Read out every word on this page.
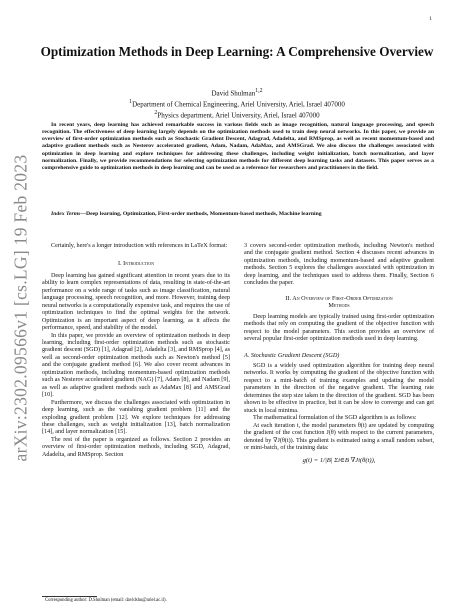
1
arXiv:2302.09566v1 [cs.LG] 19 Feb 2023
Optimization Methods in Deep Learning: A Comprehensive Overview
David Shulman$^{1,2}$
$^1$Department of Chemical Engineering, Ariel University, Ariel, Israel 407000
$^2$Physics department, Ariel University, Ariel, Israel 407000

In recent years, deep learning has achieved remarkable success in various fields such as image recognition, natural language processing, and speech recognition. The effectiveness of deep learning largely depends on the optimization methods used to train deep neural networks. In this paper, we provide an overview of first-order optimization methods such as Stochastic Gradient Descent, Adagrad, Adadelta, and RMSprop, as well as recent momentum-based and adaptive gradient methods such as Nesterov accelerated gradient, Adam, Nadam, AdaMax, and AMSGrad. We also discuss the challenges associated with optimization in deep learning and explore techniques for addressing these challenges, including weight initialization, batch normalization, and layer normalization. Finally, we provide recommendations for selecting optimization methods for different deep learning tasks and datasets. This paper serves as a comprehensive guide to optimization methods in deep learning and can be used as a reference for researchers and practitioners in the field.

Index Terms—Deep learning, Optimization, First-order methods, Momentum-based methods, Machine learning

Certainly, here's a longer introduction with references in LaTeX format:

I. Introduction

Deep learning has gained significant attention in recent years due to its ability to learn complex representations of data, resulting in state-of-the-art performance on a wide range of tasks such as image classification, natural language processing, speech recognition, and more. However, training deep neural networks is a computationally expensive task, and requires the use of optimization techniques to find the optimal weights for the network. Optimization is an important aspect of deep learning, as it affects the performance, speed, and stability of the model.

In this paper, we provide an overview of optimization methods in deep learning, including first-order optimization methods such as stochastic gradient descent (SGD) [1], Adagrad [2], Adadelta [3], and RMSprop [4], as well as second-order optimization methods such as Newton's method [5] and the conjugate gradient method [6]. We also cover recent advances in optimization methods, including momentum-based optimization methods such as Nesterov accelerated gradient (NAG) [7], Adam [8], and Nadam [9], as well as adaptive gradient methods such as AdaMax [8] and AMSGrad [10].

Furthermore, we discuss the challenges associated with optimization in deep learning, such as the vanishing gradient problem [11] and the exploding gradient problem [12]. We explore techniques for addressing these challenges, such as weight initialization [13], batch normalization [14], and layer normalization [15].

The rest of the paper is organized as follows. Section 2 provides an overview of first-order optimization methods, including SGD, Adagrad, Adadelta, and RMSprop. Section

3 covers second-order optimization methods, including Newton's method and the conjugate gradient method. Section 4 discusses recent advances in optimization methods, including momentum-based and adaptive gradient methods. Section 5 explores the challenges associated with optimization in deep learning, and the techniques used to address them. Finally, Section 6 concludes the paper.

II. An Overview of First-Order Optimization

Methods

Deep learning models are typically trained using first-order optimization methods that rely on computing the gradient of the objective function with respect to the model parameters. This section provides an overview of several popular first-order optimization methods used in deep learning.

A. Stochastic Gradient Descent (SGD)

SGD is a widely used optimization algorithm for training deep neural networks. It works by computing the gradient of the objective function with respect to a mini-batch of training examples and updating the model parameters in the direction of the negative gradient. The learning rate determines the step size taken in the direction of the gradient. SGD has been shown to be effective in practice, but it can be slow to converge and can get stuck in local minima.

The mathematical formulation of the SGD algorithm is as follows:

At each iteration t, the model parameters θ(t) are updated by computing the gradient of the cost function J(θ) with respect to the current parameters, denoted by ∇J(θ(t)). This gradient is estimated using a small random subset, or mini-batch, of the training data:

g(t) = 1/|B| Σi∈B ∇Ji(θ(t)),

Corresponding author: D.Shulman (email: davidshu@ariel.ac.il).
